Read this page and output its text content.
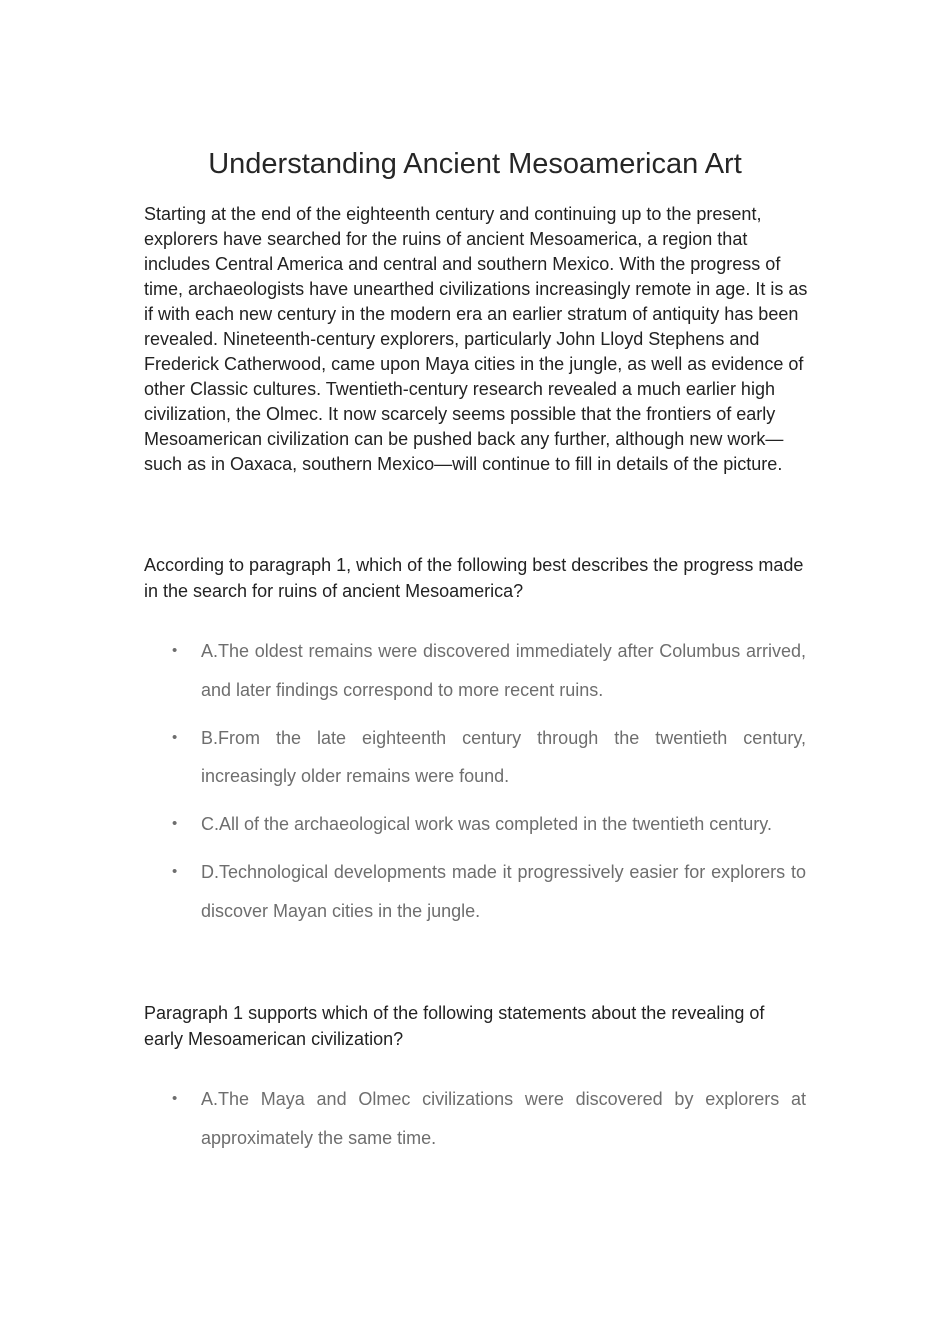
Understanding Ancient Mesoamerican Art

Starting at the end of the eighteenth century and continuing up to the present, explorers have searched for the ruins of ancient Mesoamerica, a region that includes Central America and central and southern Mexico. With the progress of time, archaeologists have unearthed civilizations increasingly remote in age. It is as if with each new century in the modern era an earlier stratum of antiquity has been revealed. Nineteenth-century explorers, particularly John Lloyd Stephens and Frederick Catherwood, came upon Maya cities in the jungle, as well as evidence of other Classic cultures. Twentieth-century research revealed a much earlier high civilization, the Olmec. It now scarcely seems possible that the frontiers of early Mesoamerican civilization can be pushed back any further, although new work—such as in Oaxaca, southern Mexico—will continue to fill in details of the picture.

According to paragraph 1, which of the following best describes the progress made in the search for ruins of ancient Mesoamerica?

•	A.The oldest remains were discovered immediately after Columbus arrived, and later findings correspond to more recent ruins.
•	B.From the late eighteenth century through the twentieth century, increasingly older remains were found.
•	C.All of the archaeological work was completed in the twentieth century.
•	D.Technological developments made it progressively easier for explorers to discover Mayan cities in the jungle.

Paragraph 1 supports which of the following statements about the revealing of early Mesoamerican civilization?

•	A.The Maya and Olmec civilizations were discovered by explorers at approximately the same time.
